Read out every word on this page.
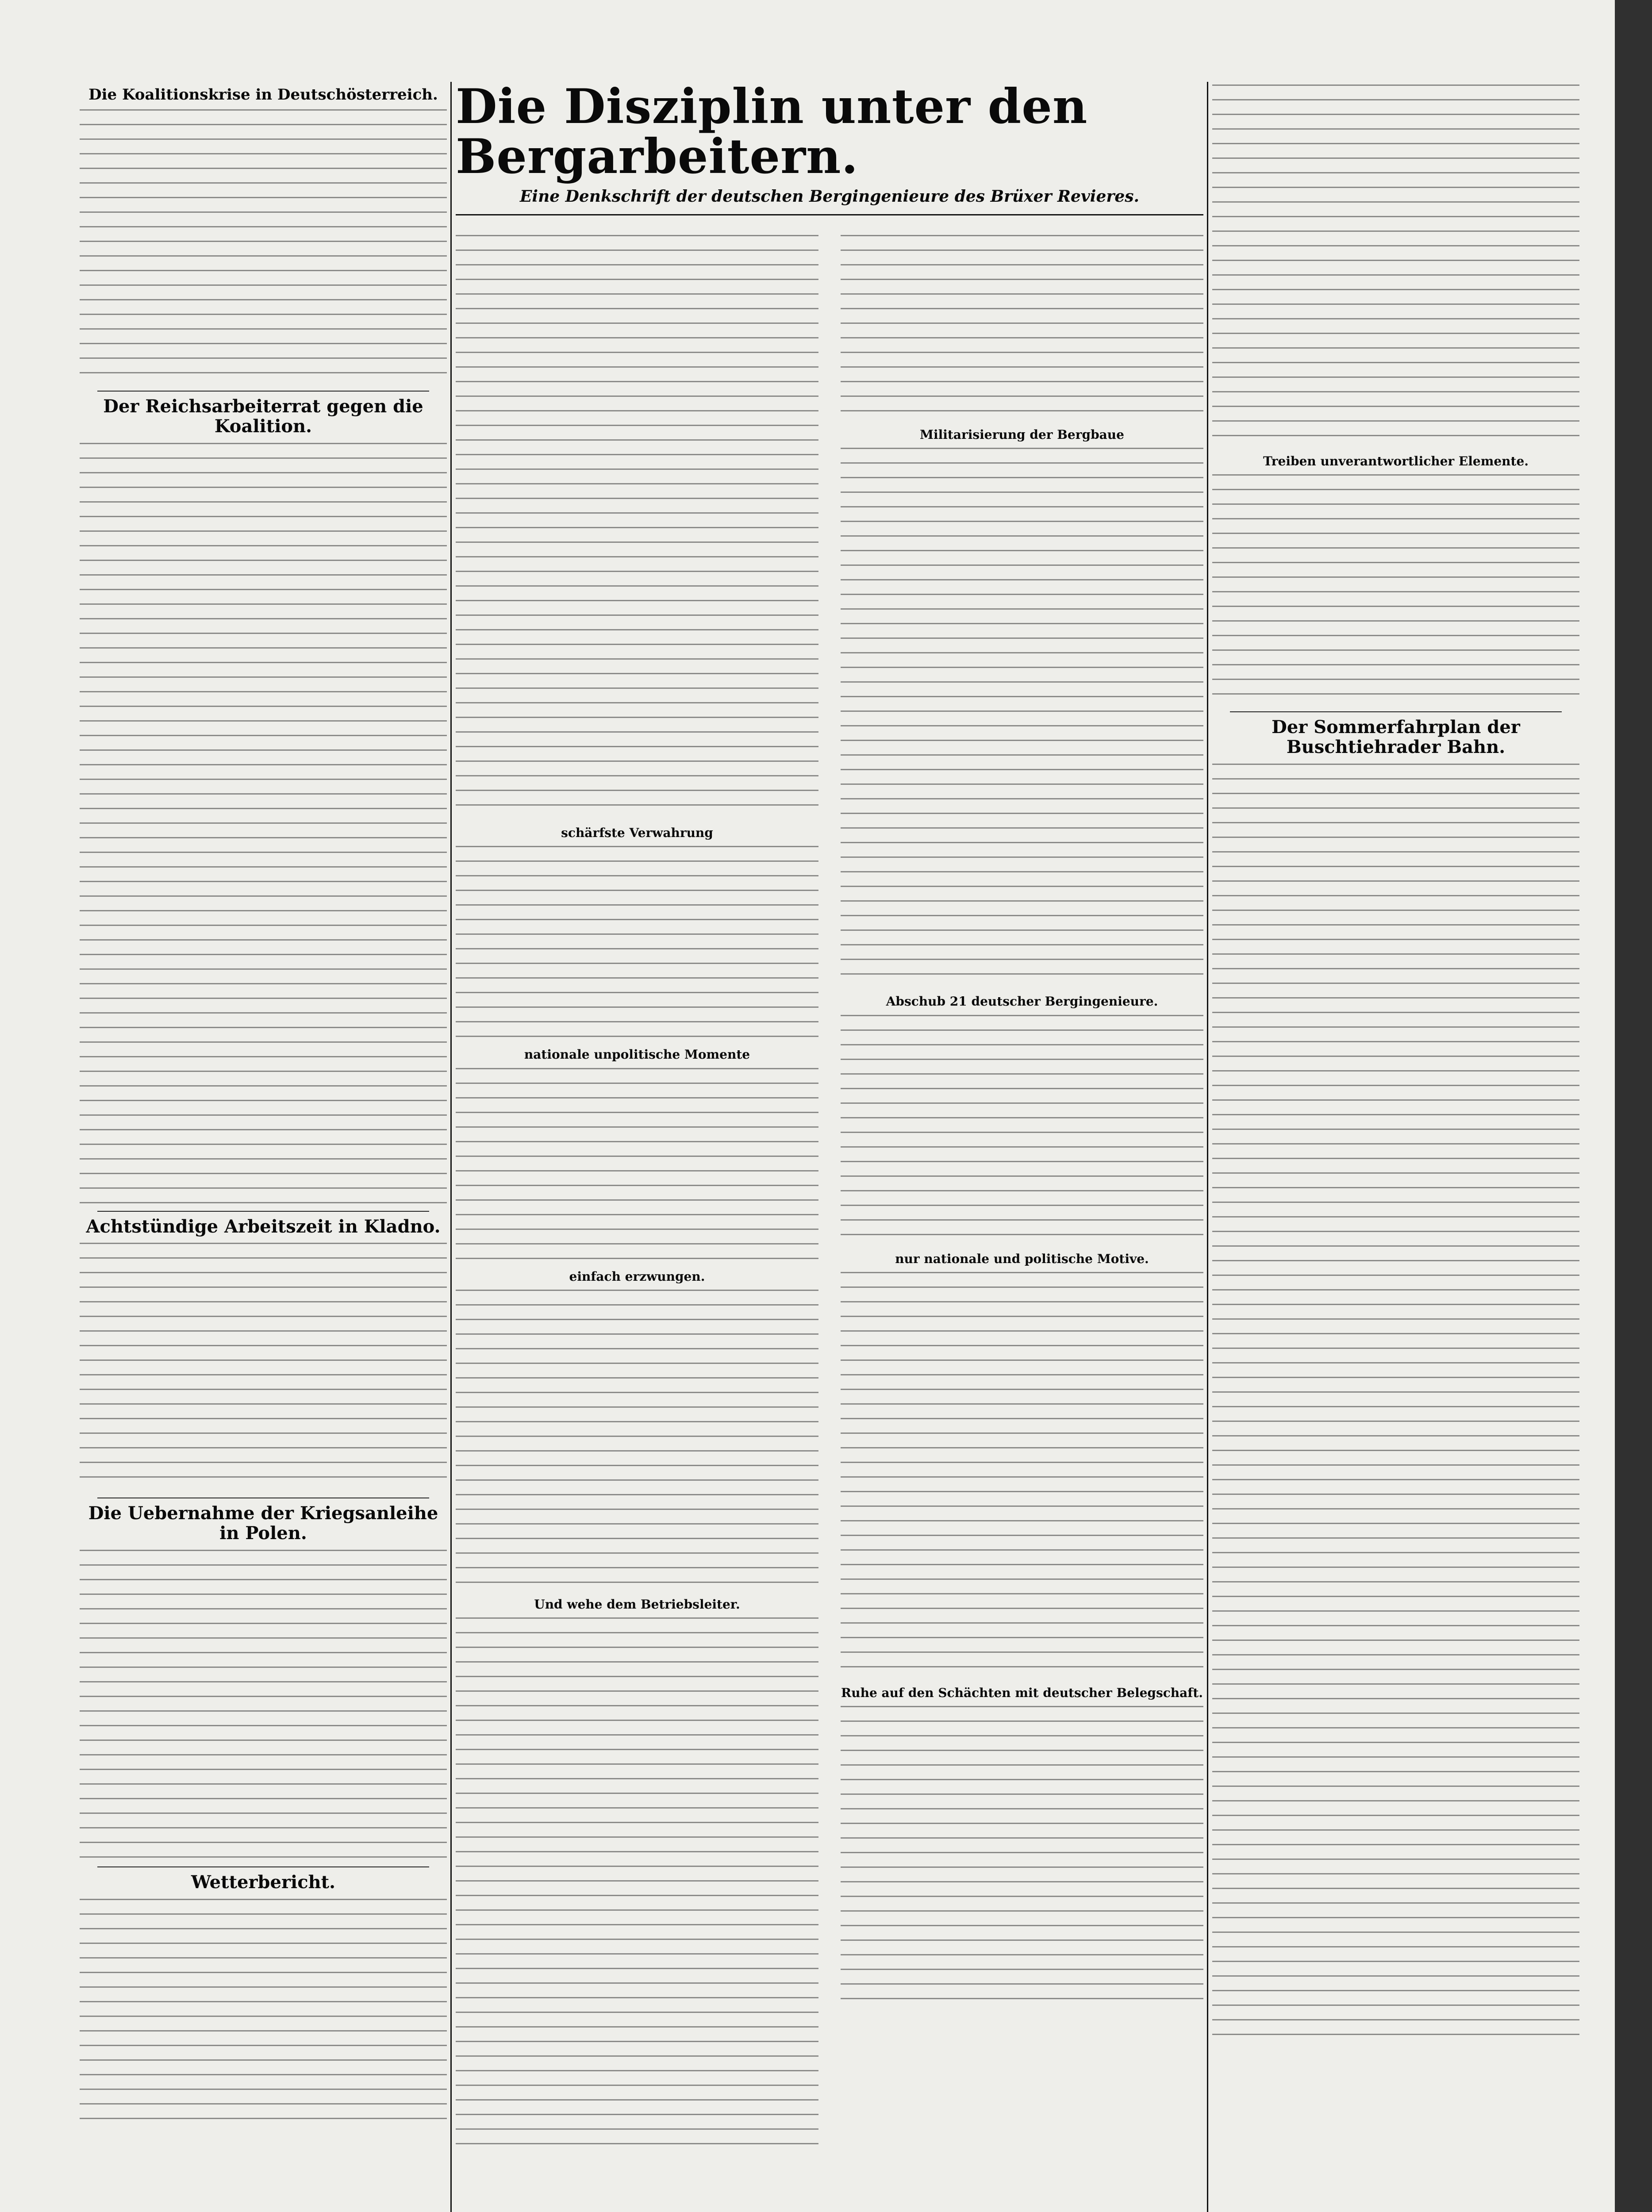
Die Koalitionskrise in Deutschösterreich.
Der Reichsarbeiterrat gegen die Koalition.
Achtstündige Arbeitszeit in Kladno.
Die Uebernahme der Kriegsanleihe in Polen.
Wetterbericht.
Die Disziplin unter den Bergarbeitern.
Eine Denkschrift der deutschen Bergingenieure des Brüxer Revieres.
schärfste Verwahrung
nationale unpolitische Momente
einfach erzwungen.
Und wehe dem Betriebsleiter.
Militarisierung der Bergbaue
Abschub 21 deutscher Bergingenieure.
nur nationale und politische Motive.
Ruhe auf den Schächten mit deutscher Belegschaft.
Treiben unverantwortlicher Elemente.
Der Sommerfahrplan der Buschtiehrader Bahn.
